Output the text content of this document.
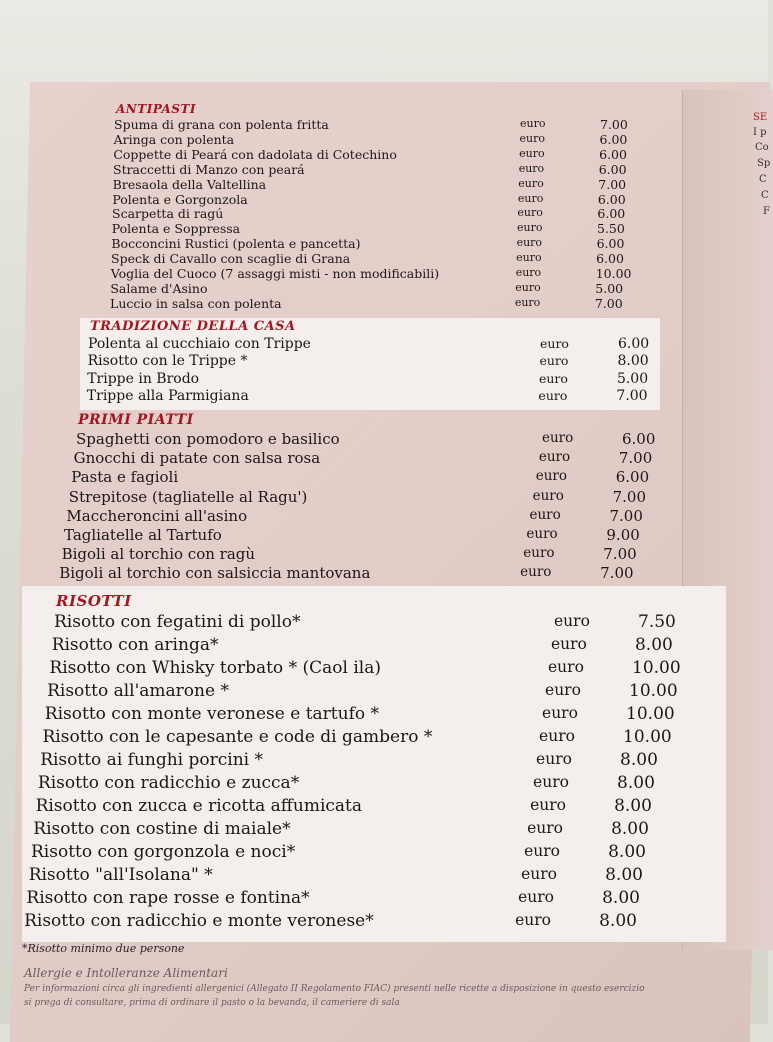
SE
I p
Co
Sp
C
C
F
ANTIPASTI
Spuma di grana con polenta fritta	euro	7.00
Aringa con polenta	euro	6.00
Coppette di Peará con dadolata di Cotechino	euro	6.00
Straccetti di Manzo con peará	euro	6.00
Bresaola della Valtellina	euro	7.00
Polenta e Gorgonzola	euro	6.00
Scarpetta di ragú	euro	6.00
Polenta e Soppressa	euro	5.50
Bocconcini Rustici (polenta e pancetta)	euro	6.00
Speck di Cavallo con scaglie di Grana	euro	6.00
Voglia del Cuoco (7 assaggi misti - non modificabili)	euro	10.00
Salame d'Asino	euro	5.00
Luccio in salsa con polenta	euro	7.00
TRADIZIONE DELLA CASA
Polenta al cucchiaio con Trippe	euro	6.00
Risotto con le Trippe *	euro	8.00
Trippe in Brodo	euro	5.00
Trippe alla Parmigiana	euro	7.00
PRIMI PIATTI
Spaghetti con pomodoro e basilico	euro	6.00
Gnocchi di patate con salsa rosa	euro	7.00
Pasta e fagioli	euro	6.00
Strepitose (tagliatelle al Ragu')	euro	7.00
Maccheroncini all'asino	euro	7.00
Tagliatelle al Tartufo	euro	9.00
Bigoli al torchio con ragù	euro	7.00
Bigoli al torchio con salsiccia mantovana	euro	7.00
RISOTTI
Risotto con fegatini di pollo*	euro	7.50
Risotto con aringa*	euro	8.00
Risotto con Whisky torbato * (Caol ila)	euro	10.00
Risotto all'amarone *	euro	10.00
Risotto con monte veronese e tartufo *	euro	10.00
Risotto con le capesante e code di gambero *	euro	10.00
Risotto ai funghi porcini *	euro	8.00
Risotto con radicchio e zucca*	euro	8.00
Risotto con zucca e ricotta affumicata	euro	8.00
Risotto con costine di maiale*	euro	8.00
Risotto con gorgonzola e noci*	euro	8.00
Risotto "all'Isolana" *	euro	8.00
Risotto con rape rosse e fontina*	euro	8.00
Risotto con radicchio e monte veronese*	euro	8.00
*Risotto minimo due persone
Allergie e Intolleranze Alimentari
Per informazioni circa gli ingredienti allergenici (Allegato II Regolamento FIAC) presenti nelle ricette a disposizione in questo esercizio
si prega di consultare, prima di ordinare il pasto o la bevanda, il cameriere di sala
